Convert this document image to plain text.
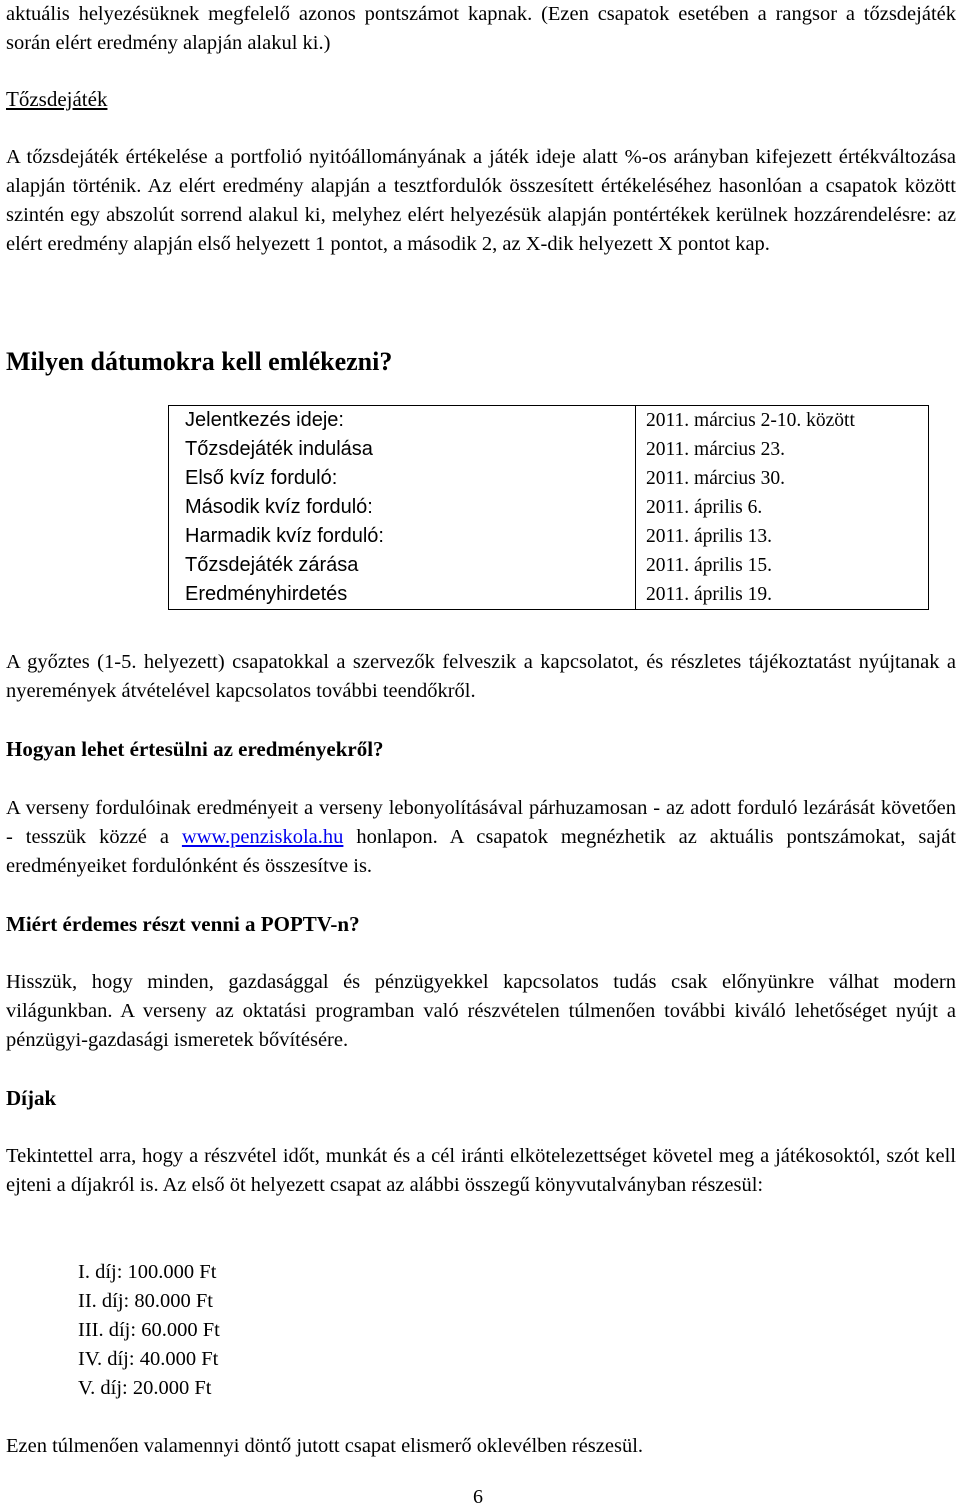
aktuális helyezésüknek megfelelő azonos pontszámot kapnak. (Ezen csapatok esetében a rangsor a tőzsdejáték során elért eredmény alapján alakul ki.)

Tőzsdejáték

A tőzsdejáték értékelése a portfolió nyitóállományának a játék ideje alatt %-os arányban kifejezett értékváltozása alapján történik. Az elért eredmény alapján a tesztfordulók összesített értékeléséhez hasonlóan a csapatok között szintén egy abszolút sorrend alakul ki, melyhez elért helyezésük alapján pontértékek kerülnek hozzárendelésre: az elért eredmény alapján első helyezett 1 pontot, a második 2, az X-dik helyezett X pontot kap.

Milyen dátumokra kell emlékezni?

A győztes (1-5. helyezett) csapatokkal a szervezők felveszik a kapcsolatot, és részletes tájékoztatást nyújtanak a nyeremények átvételével kapcsolatos további teendőkről.

Hogyan lehet értesülni az eredményekről?

A verseny fordulóinak eredményeit a verseny lebonyolításával párhuzamosan - az adott forduló lezárását követően - tesszük közzé a www.penziskola.hu honlapon. A csapatok megnézhetik az aktuális pontszámokat, saját eredményeiket fordulónként és összesítve is.

Miért érdemes részt venni a POPTV-n?

Hisszük, hogy minden, gazdasággal és pénzügyekkel kapcsolatos tudás csak előnyünkre válhat modern világunkban. A verseny az oktatási programban való részvételen túlmenően további kiváló lehetőséget nyújt a pénzügyi-gazdasági ismeretek bővítésére.

Díjak

Tekintettel arra, hogy a részvétel időt, munkát és a cél iránti elkötelezettséget követel meg a játékosoktól, szót kell ejteni a díjakról is. Az első öt helyezett csapat az alábbi összegű könyvutalványban részesül:

Ezen túlmenően valamennyi döntő jutott csapat elismerő oklevélben részesül.

Jelentkezés ideje:	2011. március 2-10. között
Tőzsdejáték indulása	2011. március 23.
Első kvíz forduló:	2011. március 30.
Második kvíz forduló:	2011. április 6.
Harmadik kvíz forduló:	2011. április 13.
Tőzsdejáték zárása	2011. április 15.
Eredményhirdetés	2011. április 19.
I. díj: 100.000 Ft
II. díj: 80.000 Ft
III. díj: 60.000 Ft
IV. díj: 40.000 Ft
V. díj: 20.000 Ft
6
